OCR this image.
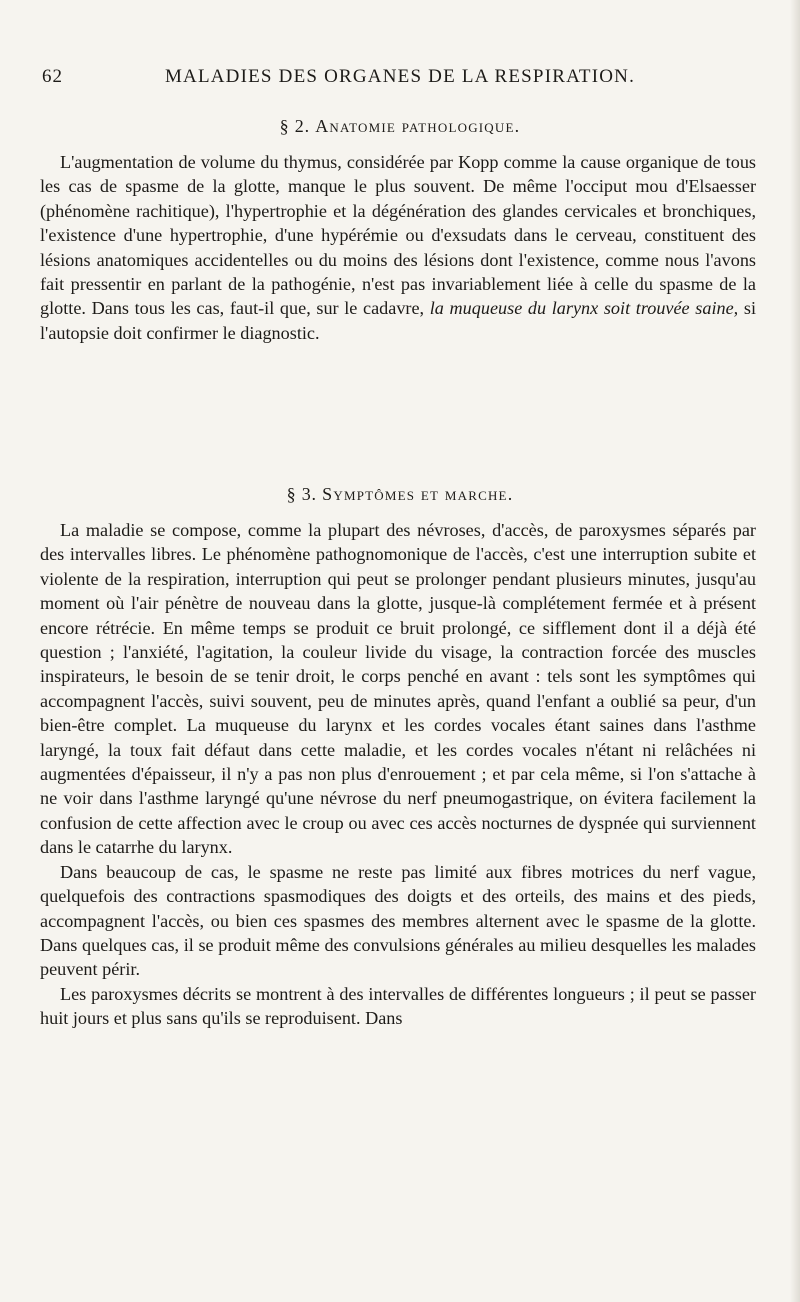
62	MALADIES DES ORGANES DE LA RESPIRATION.
§ 2. Anatomie pathologique.

L'augmentation de volume du thymus, considérée par Kopp comme la cause organique de tous les cas de spasme de la glotte, manque le plus souvent. De même l'occiput mou d'Elsaesser (phénomène rachitique), l'hypertrophie et la dégénération des glandes cervicales et bronchiques, l'existence d'une hypertrophie, d'une hypérémie ou d'exsudats dans le cerveau, constituent des lésions anatomiques accidentelles ou du moins des lésions dont l'existence, comme nous l'avons fait pressentir en parlant de la pathogénie, n'est pas invariablement liée à celle du spasme de la glotte. Dans tous les cas, faut-il que, sur le cadavre, la muqueuse du larynx soit trouvée saine, si l'autopsie doit confirmer le diagnostic.

§ 3. Symptômes et marche.

La maladie se compose, comme la plupart des névroses, d'accès, de paroxysmes séparés par des intervalles libres. Le phénomène pathognomonique de l'accès, c'est une interruption subite et violente de la respiration, interruption qui peut se prolonger pendant plusieurs minutes, jusqu'au moment où l'air pénètre de nouveau dans la glotte, jusque-là complétement fermée et à présent encore rétrécie. En même temps se produit ce bruit prolongé, ce sifflement dont il a déjà été question ; l'anxiété, l'agitation, la couleur livide du visage, la contraction forcée des muscles inspirateurs, le besoin de se tenir droit, le corps penché en avant : tels sont les symptômes qui accompagnent l'accès, suivi souvent, peu de minutes après, quand l'enfant a oublié sa peur, d'un bien-être complet. La muqueuse du larynx et les cordes vocales étant saines dans l'asthme laryngé, la toux fait défaut dans cette maladie, et les cordes vocales n'étant ni relâchées ni augmentées d'épaisseur, il n'y a pas non plus d'enrouement ; et par cela même, si l'on s'attache à ne voir dans l'asthme laryngé qu'une névrose du nerf pneumogastrique, on évitera facilement la confusion de cette affection avec le croup ou avec ces accès nocturnes de dyspnée qui surviennent dans le catarrhe du larynx.

Dans beaucoup de cas, le spasme ne reste pas limité aux fibres motrices du nerf vague, quelquefois des contractions spasmodiques des doigts et des orteils, des mains et des pieds, accompagnent l'accès, ou bien ces spasmes des membres alternent avec le spasme de la glotte. Dans quelques cas, il se produit même des convulsions générales au milieu desquelles les malades peuvent périr.

Les paroxysmes décrits se montrent à des intervalles de différentes longueurs ; il peut se passer huit jours et plus sans qu'ils se reproduisent. Dans
